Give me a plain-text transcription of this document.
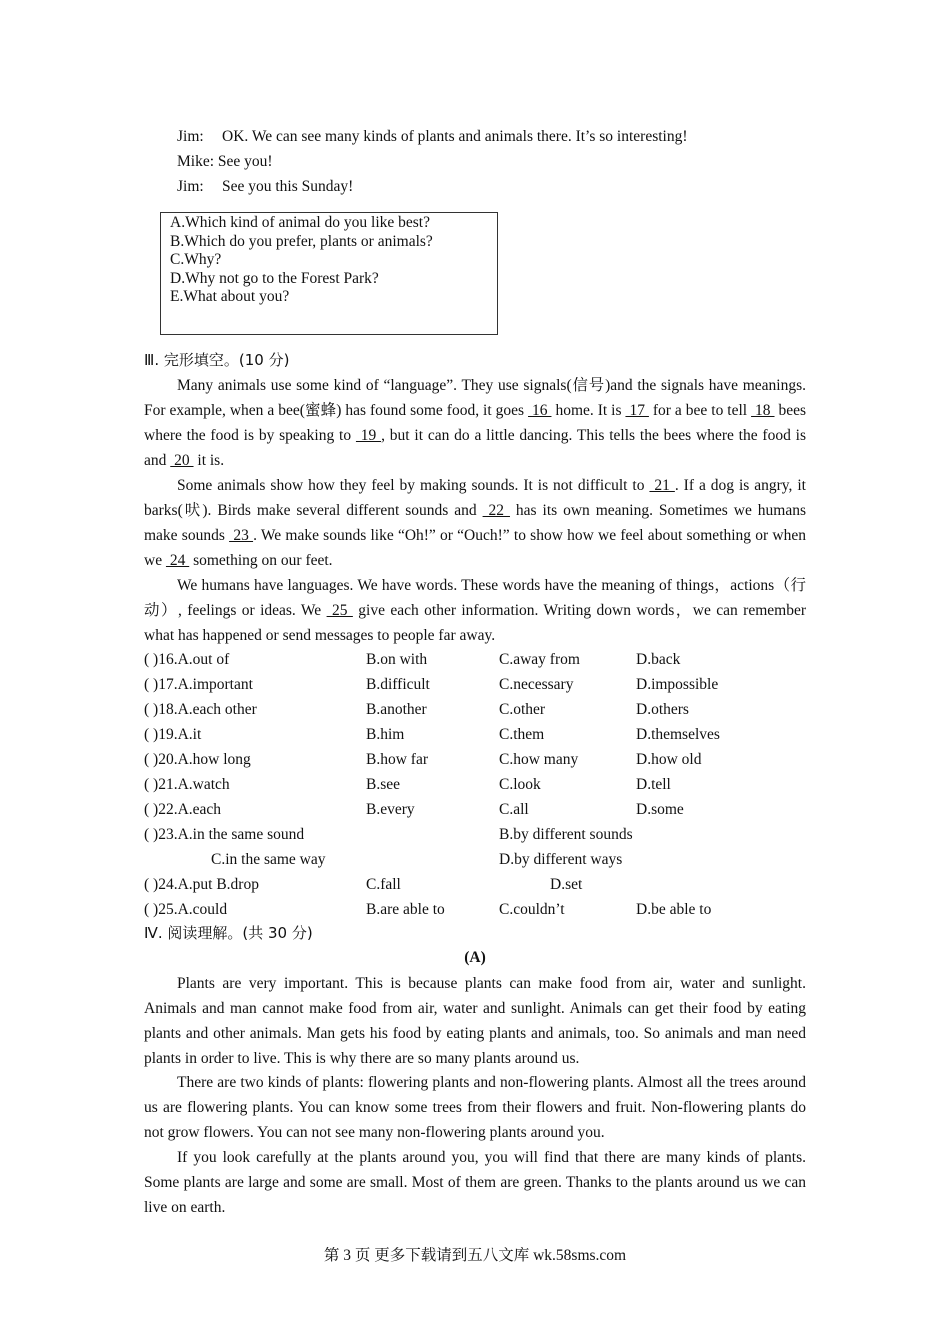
Jim: OK. We can see many kinds of plants and animals there. It’s so interesting!
Mike: See you!
Jim: See you this Sunday!
A.Which kind of animal do you like best?
B.Which do you prefer, plants or animals?
C.Why?
D.Why not go to the Forest Park?
E.What about you?
Ⅲ. 完形填空。(10 分)
Many animals use some kind of “language”. They use signals(信号)and the signals have meanings. For example, when a bee(蜜蜂) has found some food, it goes  16  home. It is  17  for a bee to tell  18  bees where the food is by speaking to  19 , but it can do a little dancing. This tells the bees where the food is and  20  it is.
Some animals show how they feel by making sounds. It is not difficult to  21 . If a dog is angry, it barks(吠). Birds make several different sounds and  22  has its own meaning. Sometimes we humans make sounds  23 . We make sounds like “Oh!” or “Ouch!” to show how we feel about something or when we  24  something on our feet.
We humans have languages. We have words. These words have the meaning of things，actions（行动）, feelings or ideas. We  25  give each other information. Writing down words，we can remember what has happened or send messages to people far away.
( )16.A.out of	B.on with	C.away from	D.back
( )17.A.important	B.difficult	C.necessary	D.impossible
( )18.A.each other	B.another	C.other	D.others
( )19.A.it	B.him	C.them	D.themselves
( )20.A.how long	B.how far	C.how many	D.how old
( )21.A.watch	B.see	C.look	D.tell
( )22.A.each	B.every	C.all	D.some
( )23.A.in the same sound	B.by different sounds
C.in the same way	D.by different ways
( )24.A.put B.drop	C.fall	D.set
( )25.A.could	B.are able to	C.couldn’t	D.be able to
Ⅳ. 阅读理解。(共 30 分)
(A)
Plants are very important. This is because plants can make food from air, water and sunlight. Animals and man cannot make food from air, water and sunlight. Animals can get their food by eating plants and other animals. Man gets his food by eating plants and animals, too. So animals and man need plants in order to live. This is why there are so many plants around us.
There are two kinds of plants: flowering plants and non-flowering plants. Almost all the trees around us are flowering plants. You can know some trees from their flowers and fruit. Non-flowering plants do not grow flowers. You can not see many non-flowering plants around you.
If you look carefully at the plants around you, you will find that there are many kinds of plants. Some plants are large and some are small. Most of them are green. Thanks to the plants around us we can live on earth.
第 3 页 更多下载请到五八文库 wk.58sms.com
